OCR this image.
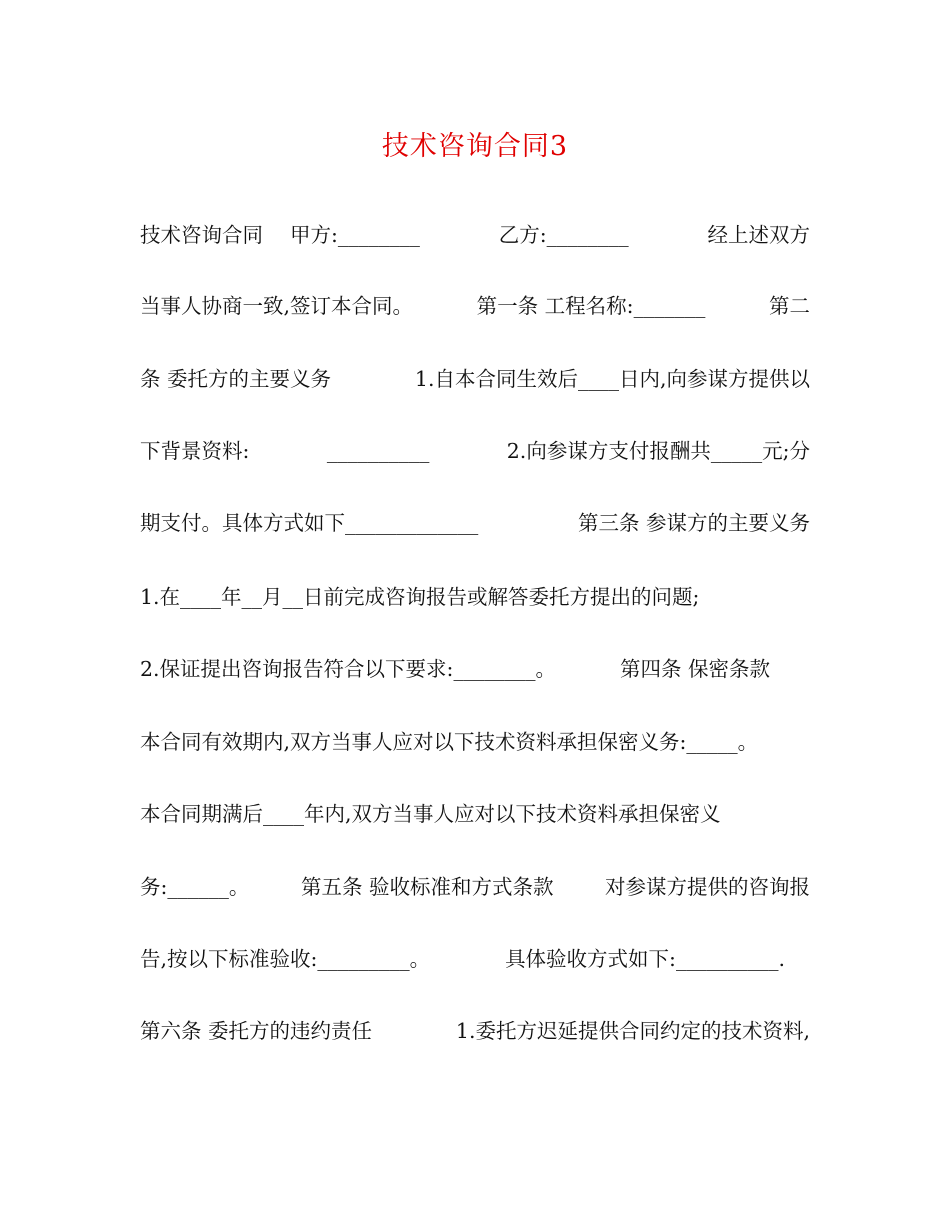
技术咨询合同3
技术咨询合同　 甲方:________	乙方:________	经上述双方
当事人协商一致,签订本合同。	第一条 工程名称:_______	第二
条 委托方的主要义务	1.自本合同生效后____日内,向参谋方提供以
下背景资料:	__________	2.向参谋方支付报酬共_____元;分
期支付。具体方式如下_____________	第三条 参谋方的主要义务
1.在____年__月__日前完成咨询报告或解答委托方提出的问题;
2.保证提出咨询报告符合以下要求:________。	第四条 保密条款
本合同有效期内,双方当事人应对以下技术资料承担保密义务:_____。
本合同期满后____年内,双方当事人应对以下技术资料承担保密义
务:______。	第五条 验收标准和方式条款	对参谋方提供的咨询报
告,按以下标准验收:_________。	具体验收方式如下:__________.
第六条 委托方的违约责任	1.委托方迟延提供合同约定的技术资料,
